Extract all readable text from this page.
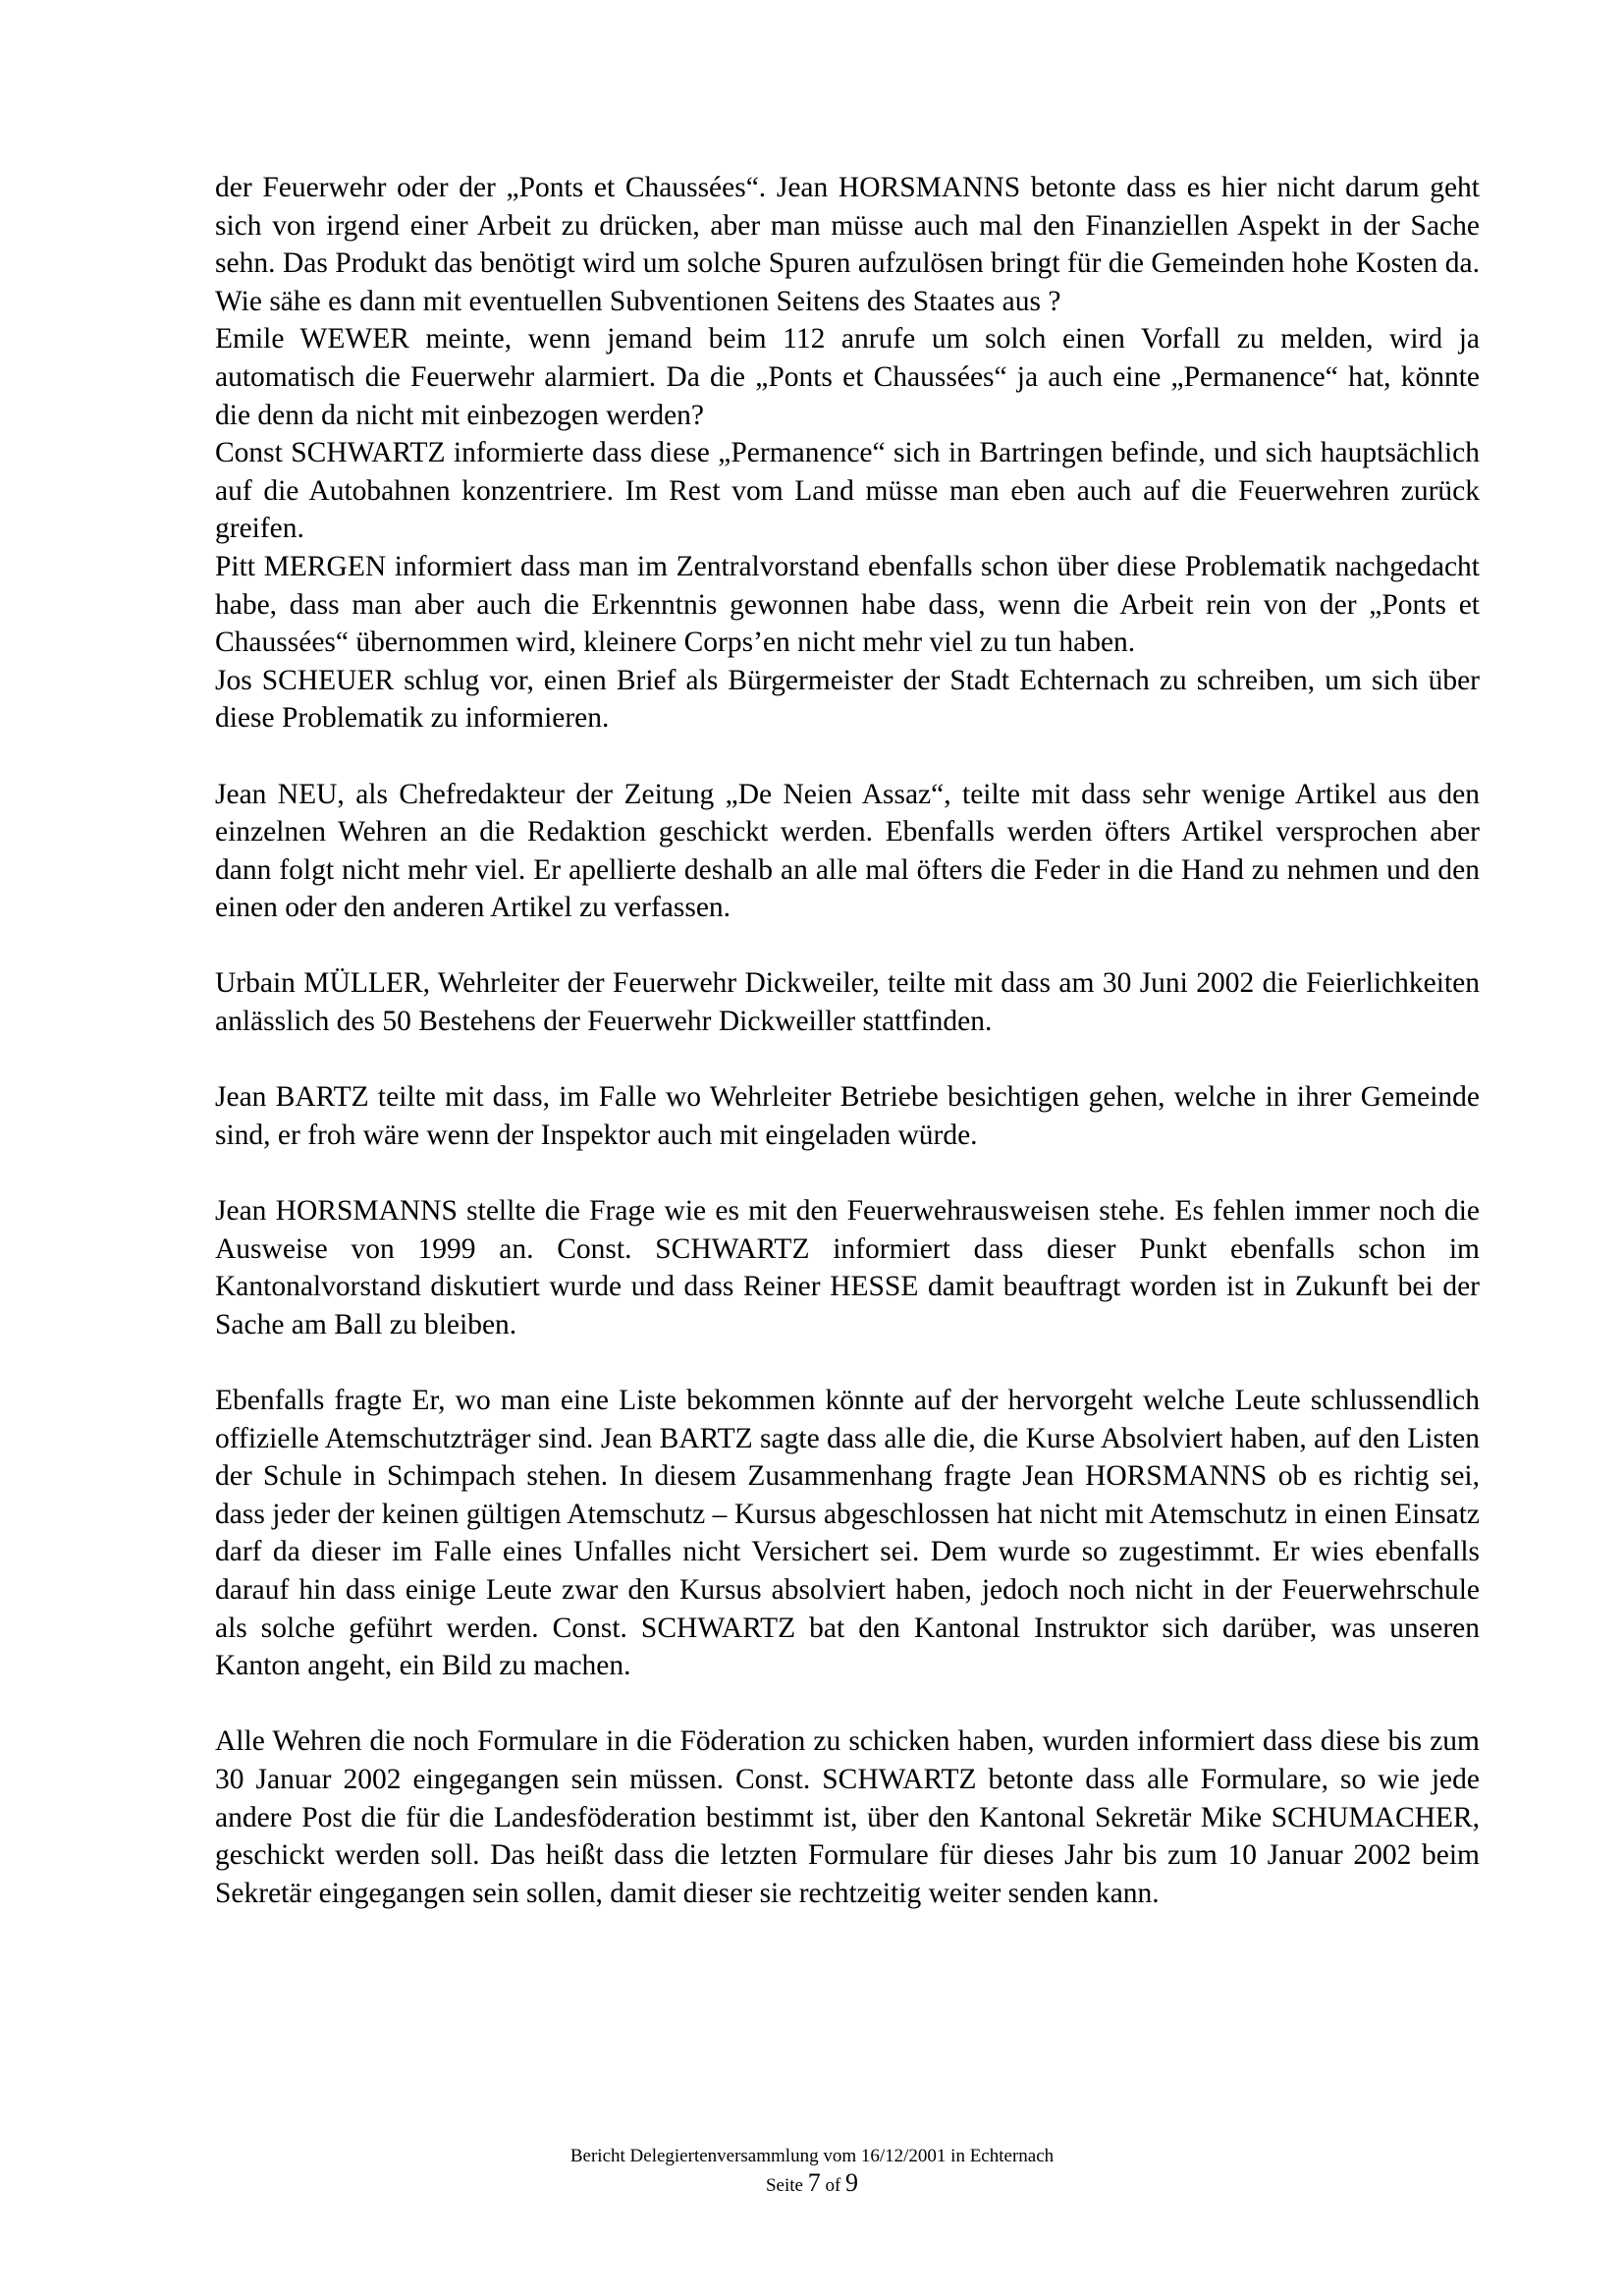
der Feuerwehr oder der „Ponts et Chaussées“. Jean HORSMANNS betonte dass es hier nicht darum geht sich von irgend einer Arbeit zu drücken, aber man müsse auch mal den Finanziellen Aspekt in der Sache sehn. Das Produkt das benötigt wird um solche Spuren aufzulösen bringt für die Gemeinden hohe Kosten da. Wie sähe es dann mit eventuellen Subventionen Seitens des Staates aus ?

Emile WEWER meinte, wenn jemand beim 112 anrufe um solch einen Vorfall zu melden, wird ja automatisch die Feuerwehr alarmiert. Da die „Ponts et Chaussées“ ja auch eine „Permanence“ hat, könnte die denn da nicht mit einbezogen werden?

Const SCHWARTZ informierte dass diese „Permanence“ sich in Bartringen befinde, und sich hauptsächlich auf die Autobahnen konzentriere. Im Rest vom Land müsse man eben auch auf die Feuerwehren zurück greifen.

Pitt MERGEN informiert dass man im Zentralvorstand ebenfalls schon über diese Problematik nachgedacht habe, dass man aber auch die Erkenntnis gewonnen habe dass, wenn die Arbeit rein von der „Ponts et Chaussées“ übernommen wird, kleinere Corps’en nicht mehr viel zu tun haben.

Jos SCHEUER schlug vor, einen Brief als Bürgermeister der Stadt Echternach zu schreiben, um sich über diese Problematik zu informieren.

Jean NEU, als Chefredakteur der Zeitung „De Neien Assaz“, teilte mit dass sehr wenige Artikel aus den einzelnen Wehren an die Redaktion geschickt werden. Ebenfalls werden öfters Artikel versprochen aber dann folgt nicht mehr viel. Er apellierte deshalb an alle mal öfters die Feder in die Hand zu nehmen und den einen oder den anderen Artikel zu verfassen.

Urbain MÜLLER, Wehrleiter der Feuerwehr Dickweiler, teilte mit dass am 30 Juni 2002 die Feierlichkeiten anlässlich des 50 Bestehens der Feuerwehr Dickweiller stattfinden.

Jean BARTZ teilte mit dass, im Falle wo Wehrleiter Betriebe besichtigen gehen, welche in ihrer Gemeinde sind, er froh wäre wenn der Inspektor auch mit eingeladen würde.

Jean HORSMANNS stellte die Frage wie es mit den Feuerwehrausweisen stehe. Es fehlen immer noch die Ausweise von 1999 an. Const. SCHWARTZ informiert dass dieser Punkt ebenfalls schon im Kantonalvorstand diskutiert wurde und dass Reiner HESSE damit beauftragt worden ist in Zukunft bei der Sache am Ball zu bleiben.

Ebenfalls fragte Er, wo man eine Liste bekommen könnte auf der hervorgeht welche Leute schlussendlich offizielle Atemschutzträger sind. Jean BARTZ sagte dass alle die, die Kurse Absolviert haben, auf den Listen der Schule in Schimpach stehen. In diesem Zusammenhang fragte Jean HORSMANNS ob es richtig sei, dass jeder der keinen gültigen Atemschutz – Kursus abgeschlossen hat nicht mit Atemschutz in einen Einsatz darf da dieser im Falle eines Unfalles nicht Versichert sei. Dem wurde so zugestimmt. Er wies ebenfalls darauf hin dass einige Leute zwar den Kursus absolviert haben, jedoch noch nicht in der Feuerwehrschule als solche geführt werden. Const. SCHWARTZ bat den Kantonal Instruktor sich darüber, was unseren Kanton angeht, ein Bild zu machen.

Alle Wehren die noch Formulare in die Föderation zu schicken haben, wurden informiert dass diese bis zum 30 Januar 2002 eingegangen sein müssen. Const. SCHWARTZ betonte dass alle Formulare, so wie jede andere Post die für die Landesföderation bestimmt ist, über den Kantonal Sekretär Mike SCHUMACHER, geschickt werden soll. Das heißt dass die letzten Formulare für dieses Jahr bis zum 10 Januar 2002 beim Sekretär eingegangen sein sollen, damit dieser sie rechtzeitig weiter senden kann.

Bericht Delegiertenversammlung vom 16/12/2001 in Echternach
Seite 7 of 9
